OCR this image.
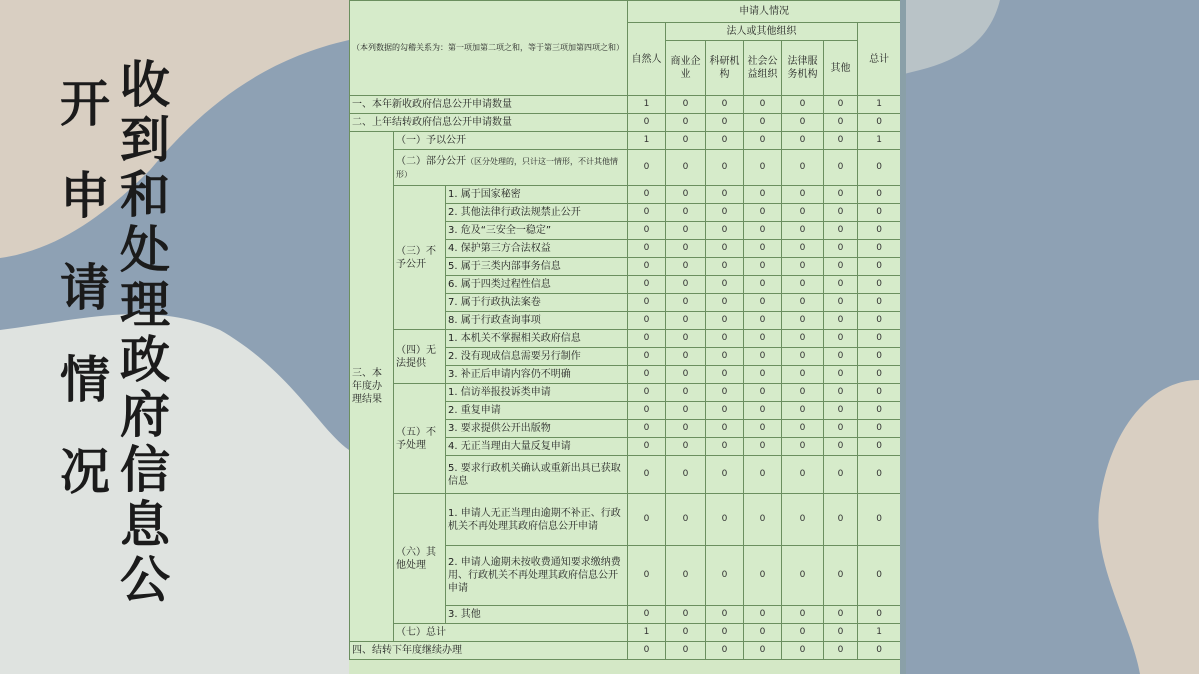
收
到
和
处
理
政
府
信
息
公
开
申
请
情
况
（本列数据的勾稽关系为：第一项加第二项之和，等于第三项加第四项之和）			申请人情况						
			自然人	法人或其他组织					总计
				商业企业	科研机构	社会公益组织	法律服务机构	其他	
一、本年新收政府信息公开申请数量			1	0	0	0	0	0	1
二、上年结转政府信息公开申请数量			0	0	0	0	0	0	0
三、本年度办理结果	（一）予以公开		1	0	0	0	0	0	1
	（二）部分公开（区分处理的，只计这一情形，不计其他情形）		0	0	0	0	0	0	0
	（三）不予公开	1. 属于国家秘密	0	0	0	0	0	0	0
		2. 其他法律行政法规禁止公开	0	0	0	0	0	0	0
		3. 危及“三安全一稳定”	0	0	0	0	0	0	0
		4. 保护第三方合法权益	0	0	0	0	0	0	0
		5. 属于三类内部事务信息	0	0	0	0	0	0	0
		6. 属于四类过程性信息	0	0	0	0	0	0	0
		7. 属于行政执法案卷	0	0	0	0	0	0	0
		8. 属于行政查询事项	0	0	0	0	0	0	0
	（四）无法提供	1. 本机关不掌握相关政府信息	0	0	0	0	0	0	0
		2. 没有现成信息需要另行制作	0	0	0	0	0	0	0
		3. 补正后申请内容仍不明确	0	0	0	0	0	0	0
	（五）不予处理	1. 信访举报投诉类申请	0	0	0	0	0	0	0
		2. 重复申请	0	0	0	0	0	0	0
		3. 要求提供公开出版物	0	0	0	0	0	0	0
		4. 无正当理由大量反复申请	0	0	0	0	0	0	0
		5. 要求行政机关确认或重新出具已获取信息	0	0	0	0	0	0	0
	（六）其他处理	1. 申请人无正当理由逾期不补正、行政机关不再处理其政府信息公开申请	0	0	0	0	0	0	0
		2. 申请人逾期未按收费通知要求缴纳费用、行政机关不再处理其政府信息公开申请	0	0	0	0	0	0	0
		3. 其他	0	0	0	0	0	0	0
	（七）总计		1	0	0	0	0	0	1
四、结转下年度继续办理			0	0	0	0	0	0	0
